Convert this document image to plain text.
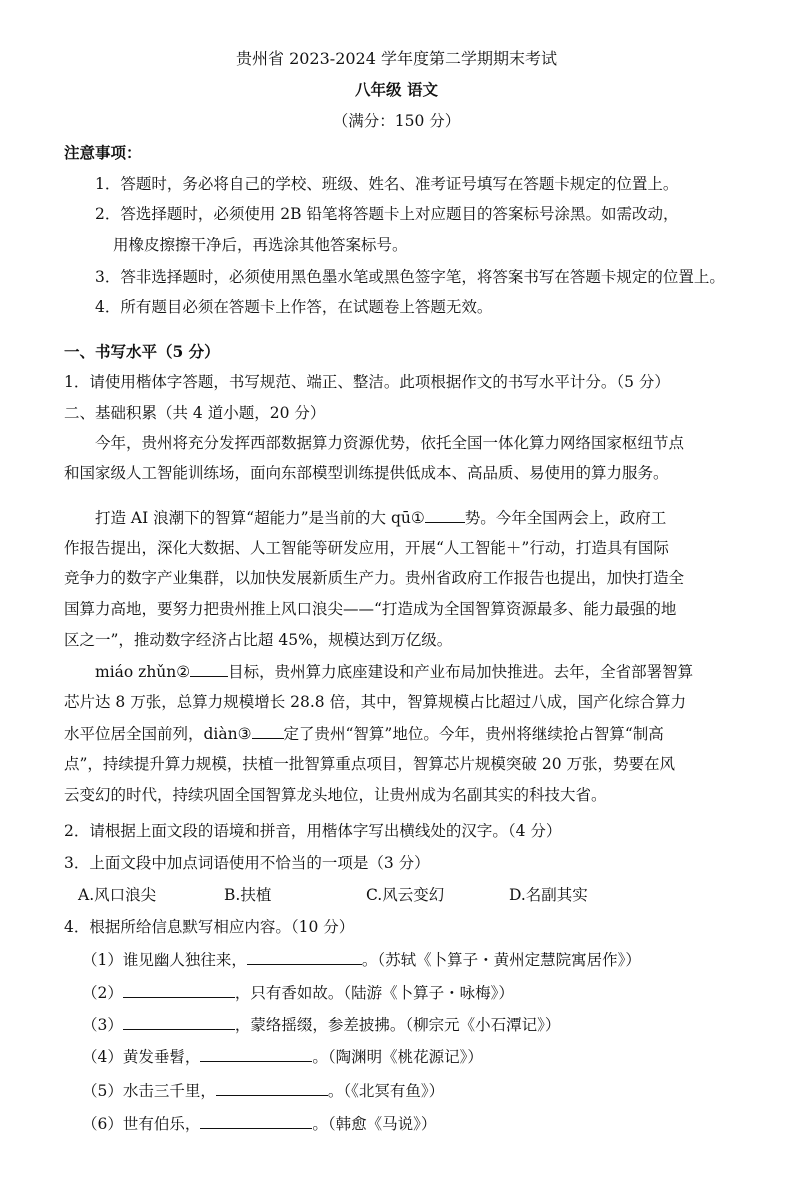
贵州省 2023-2024 学年度第二学期期末考试
八年级 语文
（满分：150 分）
注意事项：
1．答题时，务必将自己的学校、班级、姓名、准考证号填写在答题卡规定的位置上。
2．答选择题时，必须使用 2B 铅笔将答题卡上对应题目的答案标号涂黑。如需改动，
用橡皮擦擦干净后，再选涂其他答案标号。
3．答非选择题时，必须使用黑色墨水笔或黑色签字笔，将答案书写在答题卡规定的位置上。
4．所有题目必须在答题卡上作答，在试题卷上答题无效。
一、书写水平（5 分）
1．请使用楷体字答题，书写规范、端正、整洁。此项根据作文的书写水平计分。（5 分）
二、基础积累（共 4 道小题，20 分）
今年，贵州将充分发挥西部数据算力资源优势，依托全国一体化算力网络国家枢纽节点
和国家级人工智能训练场，面向东部模型训练提供低成本、高品质、易使用的算力服务。
打造 AI 浪潮下的智算“超能力”是当前的大 qū①	势。今年全国两会上，政府工
作报告提出，深化大数据、人工智能等研发应用，开展“人工智能＋”行动，打造具有国际
竞争力的数字产业集群，以加快发展新质生产力。贵州省政府工作报告也提出，加快打造全
国算力高地，要努力把贵州推上风口浪尖——“打造成为全国智算资源最多、能力最强的地
区之一”，推动数字经济占比超 45%，规模达到万亿级。
miáo zhǔn② 目标，贵州算力底座建设和产业布局加快推进。去年，全省部署智算
芯片达 8 万张，总算力规模增长 28.8 倍，其中，智算规模占比超过八成，国产化综合算力
水平位居全国前列，diàn③ 定了贵州“智算”地位。今年，贵州将继续抢占智算“制高
点”，持续提升算力规模，扶植一批智算重点项目，智算芯片规模突破 20 万张，势要在风
云变幻的时代，持续巩固全国智算龙头地位，让贵州成为名副其实的科技大省。
2．请根据上面文段的语境和拼音，用楷体字写出横线处的汉字。（4 分）
3．上面文段中加点词语使用不恰当的一项是（3 分）
A.风口浪尖	B.扶植	C.风云变幻	D.名副其实
4．根据所给信息默写相应内容。（10 分）
（1）谁见幽人独往来，	。（苏轼《卜算子・黄州定慧院寓居作》）
（2）	，只有香如故。（陆游《卜算子・咏梅》）
（3）	，蒙络摇缀，参差披拂。（柳宗元《小石潭记》）
（4）黄发垂髫，	。（陶渊明《桃花源记》）
（5）水击三千里，	。（《北冥有鱼》）
（6）世有伯乐，	。（韩愈《马说》）
